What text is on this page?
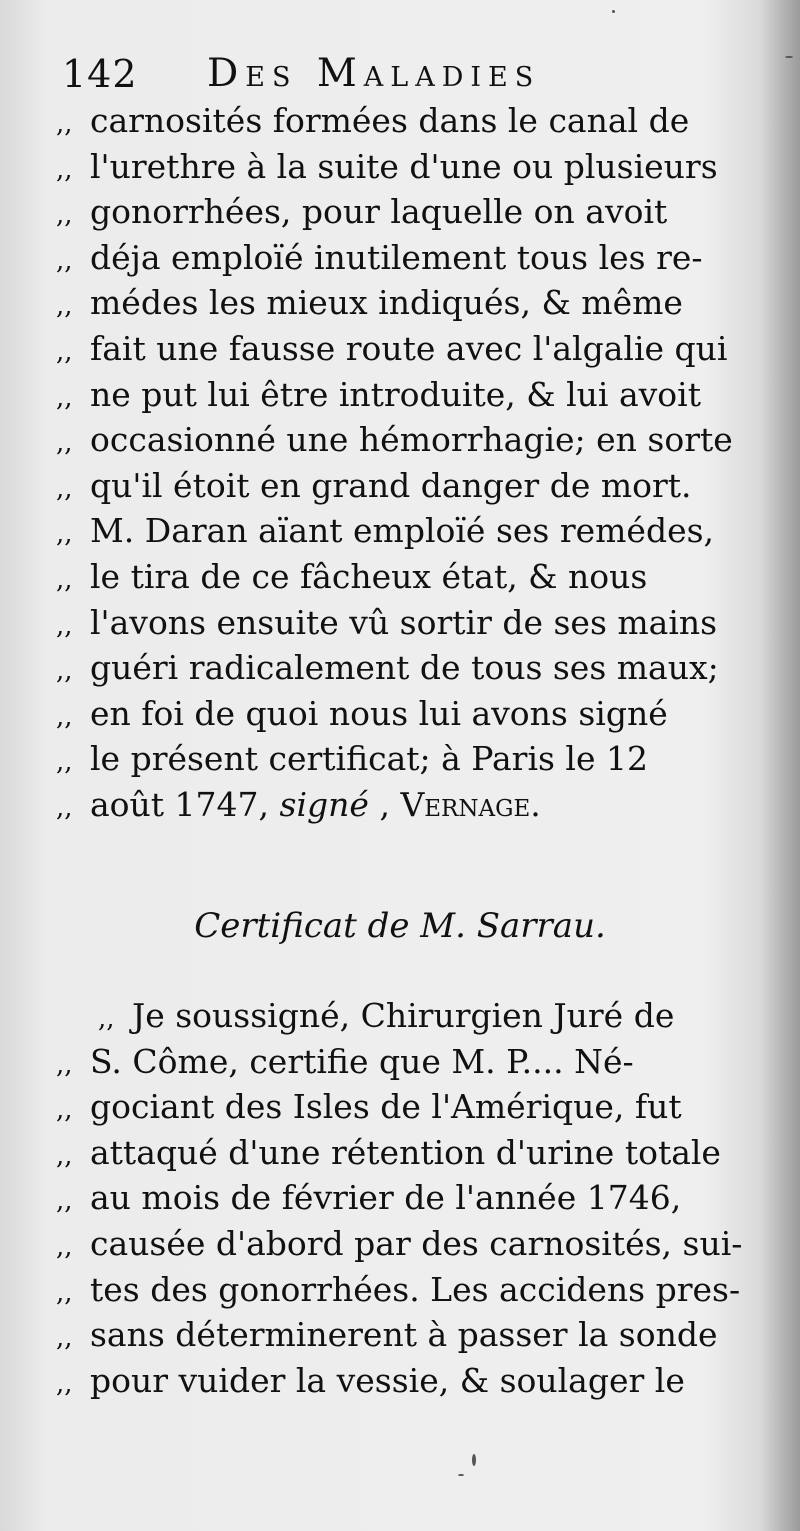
142 Des Maladies
,, carnosités formées dans le canal de
,, l'urethre à la suite d'une ou plusieurs
,, gonorrhées, pour laquelle on avoit
,, déja emploïé inutilement tous les re-
,, médes les mieux indiqués, & même
,, fait une fausse route avec l'algalie qui
,, ne put lui être introduite, & lui avoit
,, occasionné une hémorrhagie; en sorte
,, qu'il étoit en grand danger de mort.
,, M. Daran aïant emploïé ses remédes,
,, le tira de ce fâcheux état, & nous
,, l'avons ensuite vû sortir de ses mains
,, guéri radicalement de tous ses maux;
,, en foi de quoi nous lui avons signé
,, le présent certificat; à Paris le 12
,, août 1747, signé , Vernage.
Certificat de M. Sarrau.
,, Je soussigné, Chirurgien Juré de
,, S. Côme, certifie que M. P.... Né-
,, gociant des Isles de l'Amérique, fut
,, attaqué d'une rétention d'urine totale
,, au mois de février de l'année 1746,
,, causée d'abord par des carnosités, sui-
,, tes des gonorrhées. Les accidens pres-
,, sans déterminerent à passer la sonde
,, pour vuider la vessie, & soulager le
